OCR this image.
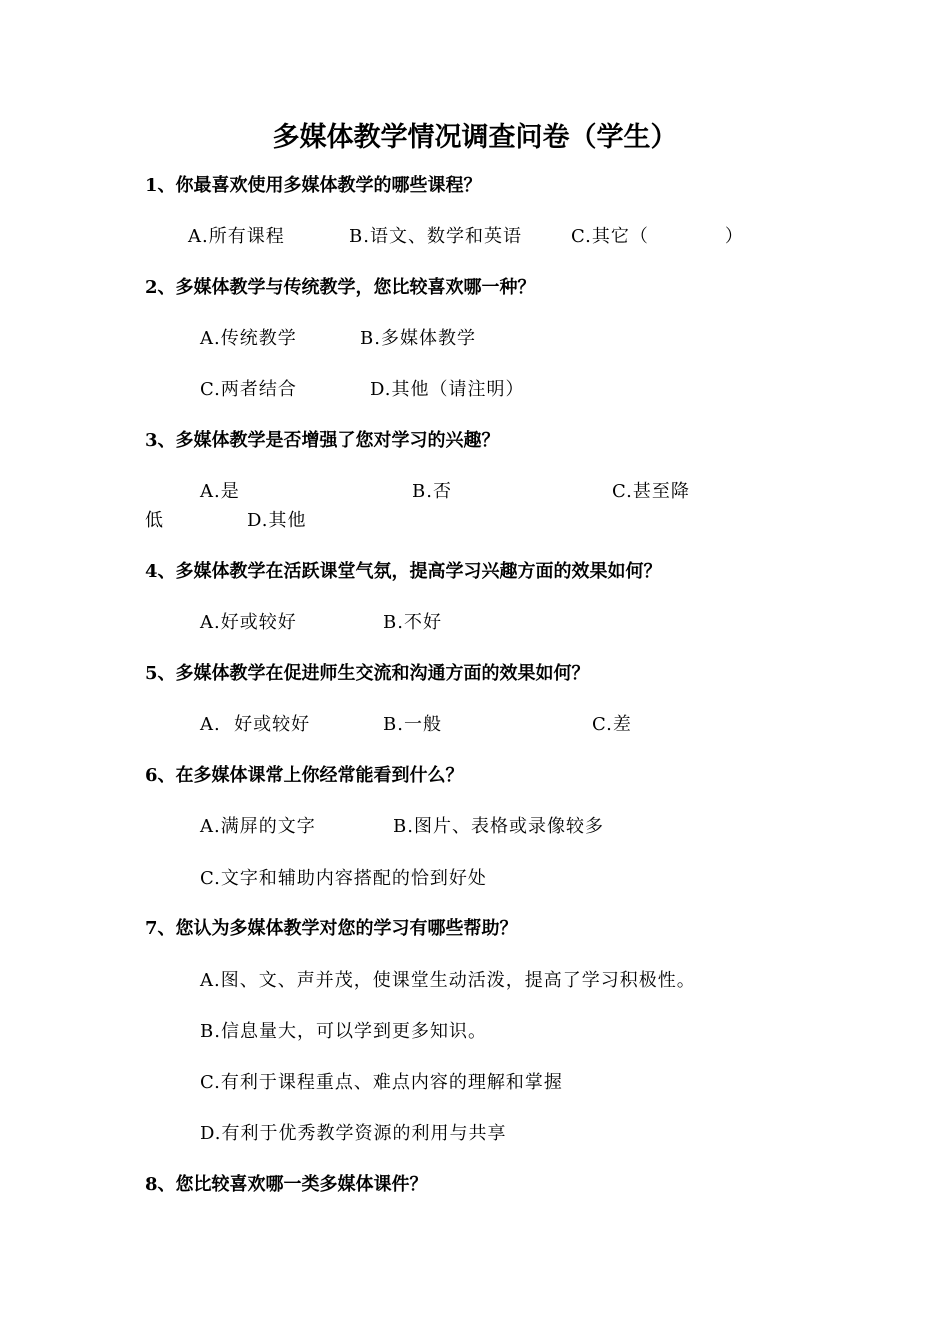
多媒体教学情况调查问卷（学生）
1、你最喜欢使用多媒体教学的哪些课程？
A.所有课程	B.语文、数学和英语	C.其它（　　　　）
2、多媒体教学与传统教学，您比较喜欢哪一种？
A.传统教学	B.多媒体教学
C.两者结合	D.其他（请注明）
3、多媒体教学是否增强了您对学习的兴趣？
A.是	B.否	C.甚至降
低	D.其他
4、多媒体教学在活跃课堂气氛，提高学习兴趣方面的效果如何？
A.好或较好	B.不好
5、多媒体教学在促进师生交流和沟通方面的效果如何？
A.  好或较好	B.一般	C.差
6、在多媒体课常上你经常能看到什么？
A.满屏的文字	B.图片、表格或录像较多
C.文字和辅助内容搭配的恰到好处
7、您认为多媒体教学对您的学习有哪些帮助？
A.图、文、声并茂，使课堂生动活泼，提高了学习积极性。
B.信息量大，可以学到更多知识。
C.有利于课程重点、难点内容的理解和掌握
D.有利于优秀教学资源的利用与共享
8、您比较喜欢哪一类多媒体课件？
